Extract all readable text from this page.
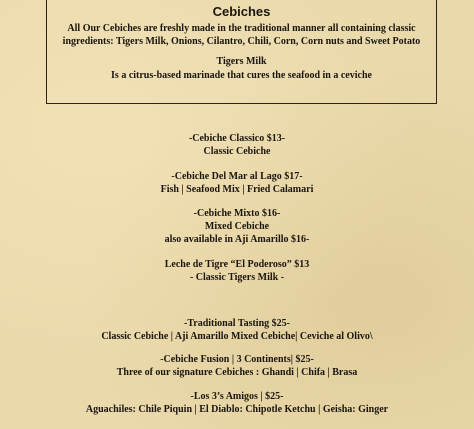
Cebiches
All Our Cebiches are freshly made in the traditional manner all containing classic ingredients: Tigers Milk, Onions, Cilantro, Chili, Corn, Corn nuts and Sweet Potato
Tigers Milk
Is a citrus-based marinade that cures the seafood in a ceviche
-Cebiche Classico $13-
Classic Cebiche
-Cebiche Del Mar al Lago $17-
Fish | Seafood Mix | Fried Calamari
-Cebiche Mixto $16-
Mixed Cebiche
also available in Aji Amarillo $16-
Leche de Tigre “El Poderoso” $13
- Classic Tigers Milk -
-Traditional Tasting $25-
Classic Cebiche | Aji Amarillo Mixed Cebiche| Ceviche al Olivo\
-Cebiche Fusion | 3 Continents| $25-
Three of our signature Cebiches : Ghandi | Chifa | Brasa
-Los 3’s Amigos | $25-
Aguachiles: Chile Piquin | El Diablo: Chipotle Ketchu | Geisha: Ginger
